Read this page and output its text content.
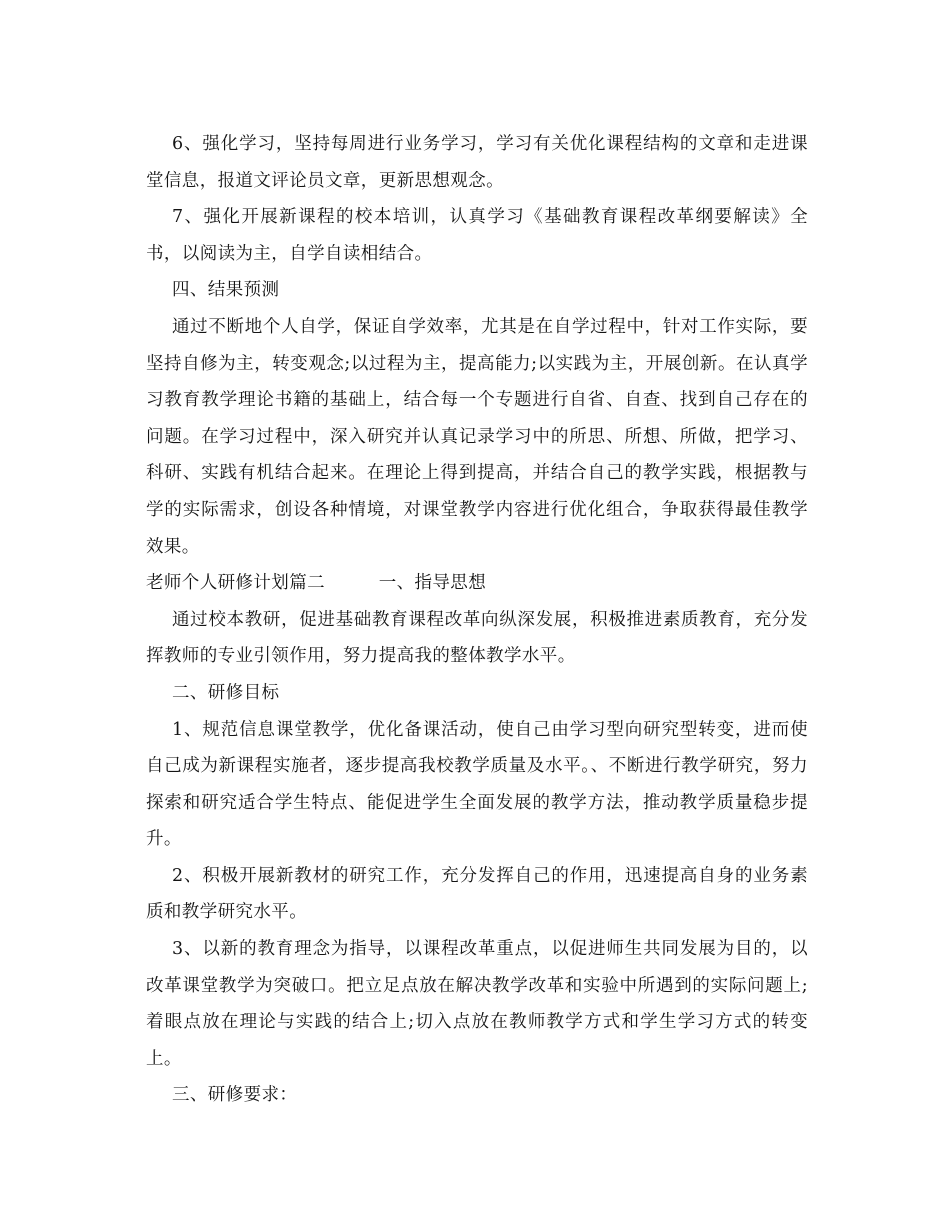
6、强化学习，坚持每周进行业务学习，学习有关优化课程结构的文章和走进课堂信息，报道文评论员文章，更新思想观念。

7、强化开展新课程的校本培训，认真学习《基础教育课程改革纲要解读》全书，以阅读为主，自学自读相结合。

四、结果预测

通过不断地个人自学，保证自学效率，尤其是在自学过程中，针对工作实际，要坚持自修为主，转变观念;以过程为主，提高能力;以实践为主，开展创新。在认真学习教育教学理论书籍的基础上，结合每一个专题进行自省、自查、找到自己存在的问题。在学习过程中，深入研究并认真记录学习中的所思、所想、所做，把学习、科研、实践有机结合起来。在理论上得到提高，并结合自己的教学实践，根据教与学的实际需求，创设各种情境，对课堂教学内容进行优化组合，争取获得最佳教学效果。

老师个人研修计划篇二　　　一、指导思想

通过校本教研，促进基础教育课程改革向纵深发展，积极推进素质教育，充分发挥教师的专业引领作用，努力提高我的整体教学水平。

二、研修目标

1、规范信息课堂教学，优化备课活动，使自己由学习型向研究型转变，进而使自己成为新课程实施者，逐步提高我校教学质量及水平。、不断进行教学研究，努力探索和研究适合学生特点、能促进学生全面发展的教学方法，推动教学质量稳步提升。

2、积极开展新教材的研究工作，充分发挥自己的作用，迅速提高自身的业务素质和教学研究水平。

3、以新的教育理念为指导，以课程改革重点，以促进师生共同发展为目的，以改革课堂教学为突破口。把立足点放在解决教学改革和实验中所遇到的实际问题上;着眼点放在理论与实践的结合上;切入点放在教师教学方式和学生学习方式的转变上。

三、研修要求：
